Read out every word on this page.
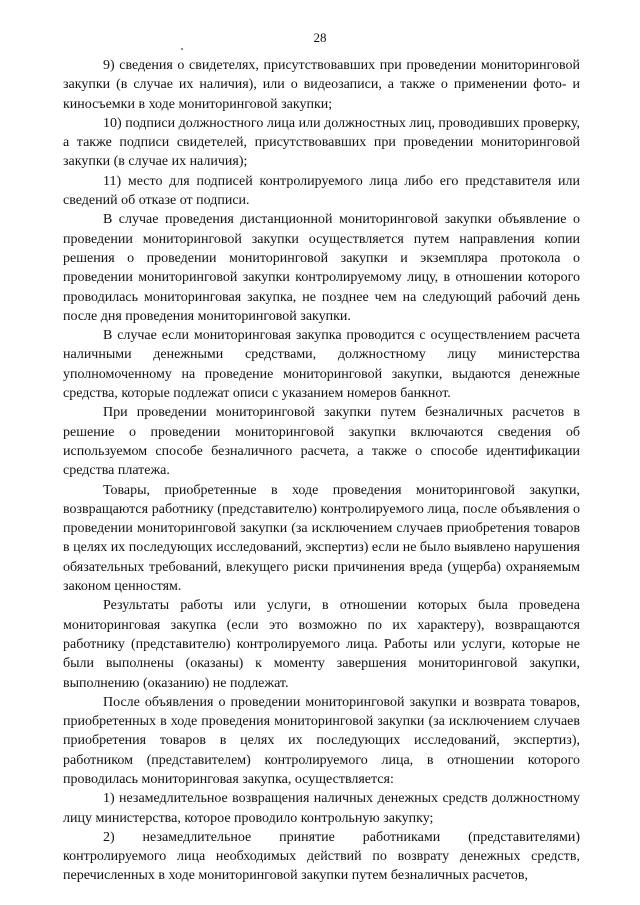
28

9) сведения о свидетелях, присутствовавших при проведении мониторинговой закупки (в случае их наличия), или о видеозаписи, а также о применении фото- и киносъемки в ходе мониторинговой закупки;

10) подписи должностного лица или должностных лиц, проводивших проверку, а также подписи свидетелей, присутствовавших при проведении мониторинговой закупки (в случае их наличия);

11) место для подписей контролируемого лица либо его представителя или сведений об отказе от подписи.

В случае проведения дистанционной мониторинговой закупки объявление о проведении мониторинговой закупки осуществляется путем направления копии решения о проведении мониторинговой закупки и экземпляра протокола о проведении мониторинговой закупки контролируемому лицу, в отношении которого проводилась мониторинговая закупка, не позднее чем на следующий рабочий день после дня проведения мониторинговой закупки.

В случае если мониторинговая закупка проводится с осуществлением расчета наличными денежными средствами, должностному лицу министерства уполномоченному на проведение мониторинговой закупки, выдаются денежные средства, которые подлежат описи с указанием номеров банкнот.

При проведении мониторинговой закупки путем безналичных расчетов в решение о проведении мониторинговой закупки включаются сведения об используемом способе безналичного расчета, а также о способе идентификации средства платежа.

Товары, приобретенные в ходе проведения мониторинговой закупки, возвращаются работнику (представителю) контролируемого лица, после объявления о проведении мониторинговой закупки (за исключением случаев приобретения товаров в целях их последующих исследований, экспертиз) если не было выявлено нарушения обязательных требований, влекущего риски причинения вреда (ущерба) охраняемым законом ценностям.

Результаты работы или услуги, в отношении которых была проведена мониторинговая закупка (если это возможно по их характеру), возвращаются работнику (представителю) контролируемого лица. Работы или услуги, которые не были выполнены (оказаны) к моменту завершения мониторинговой закупки, выполнению (оказанию) не подлежат.

После объявления о проведении мониторинговой закупки и возврата товаров, приобретенных в ходе проведения мониторинговой закупки (за исключением случаев приобретения товаров в целях их последующих исследований, экспертиз), работником (представителем) контролируемого лица, в отношении которого проводилась мониторинговая закупка, осуществляется:

1) незамедлительное возвращения наличных денежных средств должностному лицу министерства, которое проводило контрольную закупку;

2) незамедлительное принятие работниками (представителями) контролируемого лица необходимых действий по возврату денежных средств, перечисленных в ходе мониторинговой закупки путем безналичных расчетов,
